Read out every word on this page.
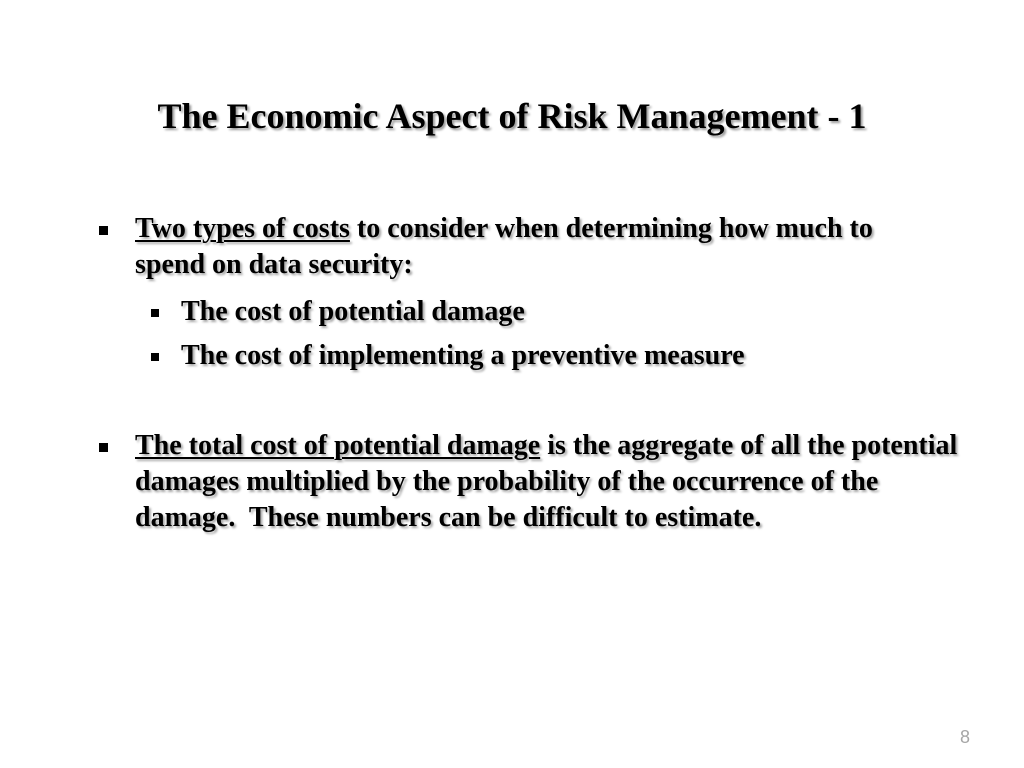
The Economic Aspect of Risk Management - 1
Two types of costs to consider when determining how much to spend on data security:
The cost of potential damage
The cost of implementing a preventive measure
The total cost of potential damage is the aggregate of all the potential damages multiplied by the probability of the occurrence of the damage.  These numbers can be difficult to estimate.
8
